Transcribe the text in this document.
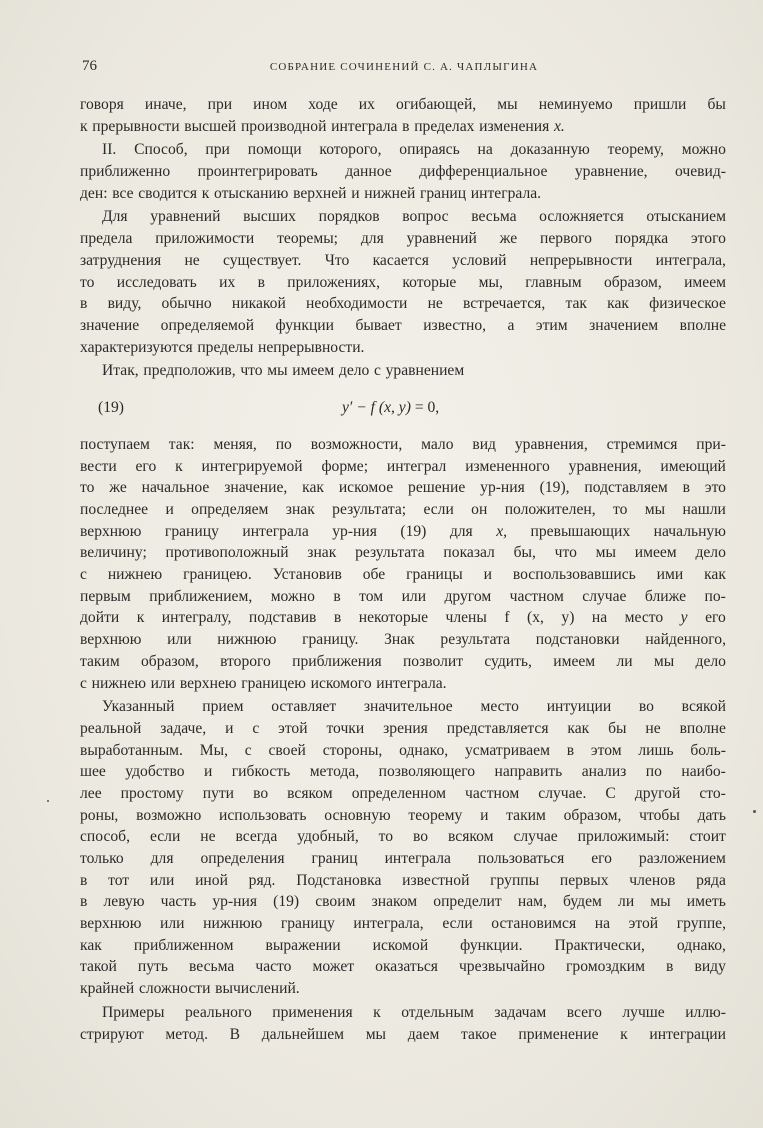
76	СОБРАНИЕ СОЧИНЕНИЙ С. А. ЧАПЛЫГИНА
говоря иначе, при ином ходе их огибающей, мы неминуемо пришли бы
к прерывности высшей производной интеграла в пределах изменения x.
II. Способ, при помощи которого, опираясь на доказанную теорему, можно
приближенно проинтегрировать данное дифференциальное уравнение, очевид-
ден: все сводится к отысканию верхней и нижней границ интеграла.
Для уравнений высших порядков вопрос весьма осложняется отысканием
предела приложимости теоремы; для уравнений же первого порядка этого
затруднения не существует. Что касается условий непрерывности интеграла,
то исследовать их в приложениях, которые мы, главным образом, имеем
в виду, обычно никакой необходимости не встречается, так как физическое
значение определяемой функции бывает известно, а этим значением вполне
характеризуются пределы непрерывности.
Итак, предположив, что мы имеем дело с уравнением
(19)	y′ − f (x, y) = 0,
поступаем так: меняя, по возможности, мало вид уравнения, стремимся при-
вести его к интегрируемой форме; интеграл измененного уравнения, имеющий
то же начальное значение, как искомое решение ур-ния (19), подставляем в это
последнее и определяем знак результата; если он положителен, то мы нашли
верхнюю границу интеграла ур-ния (19) для x, превышающих начальную
величину; противоположный знак результата показал бы, что мы имеем дело
с нижнею границею. Установив обе границы и воспользовавшись ими как
первым приближением, можно в том или другом частном случае ближе по-
дойти к интегралу, подставив в некоторые члены f (x, y) на место y его
верхнюю или нижнюю границу. Знак результата подстановки найденного,
таким образом, второго приближения позволит судить, имеем ли мы дело
с нижнею или верхнею границею искомого интеграла.
Указанный прием оставляет значительное место интуиции во всякой
реальной задаче, и с этой точки зрения представляется как бы не вполне
выработанным. Мы, с своей стороны, однако, усматриваем в этом лишь боль-
шее удобство и гибкость метода, позволяющего направить анализ по наибо-
лее простому пути во всяком определенном частном случае. С другой сто-
роны, возможно использовать основную теорему и таким образом, чтобы дать
способ, если не всегда удобный, то во всяком случае приложимый: стоит
только для определения границ интеграла пользоваться его разложением
в тот или иной ряд. Подстановка известной группы первых членов ряда
в левую часть ур-ния (19) своим знаком определит нам, будем ли мы иметь
верхнюю или нижнюю границу интеграла, если остановимся на этой группе,
как приближенном выражении искомой функции. Практически, однако,
такой путь весьма часто может оказаться чрезвычайно громоздким в виду
крайней сложности вычислений.
Примеры реального применения к отдельным задачам всего лучше иллю-
стрируют метод. В дальнейшем мы даем такое применение к интеграции
